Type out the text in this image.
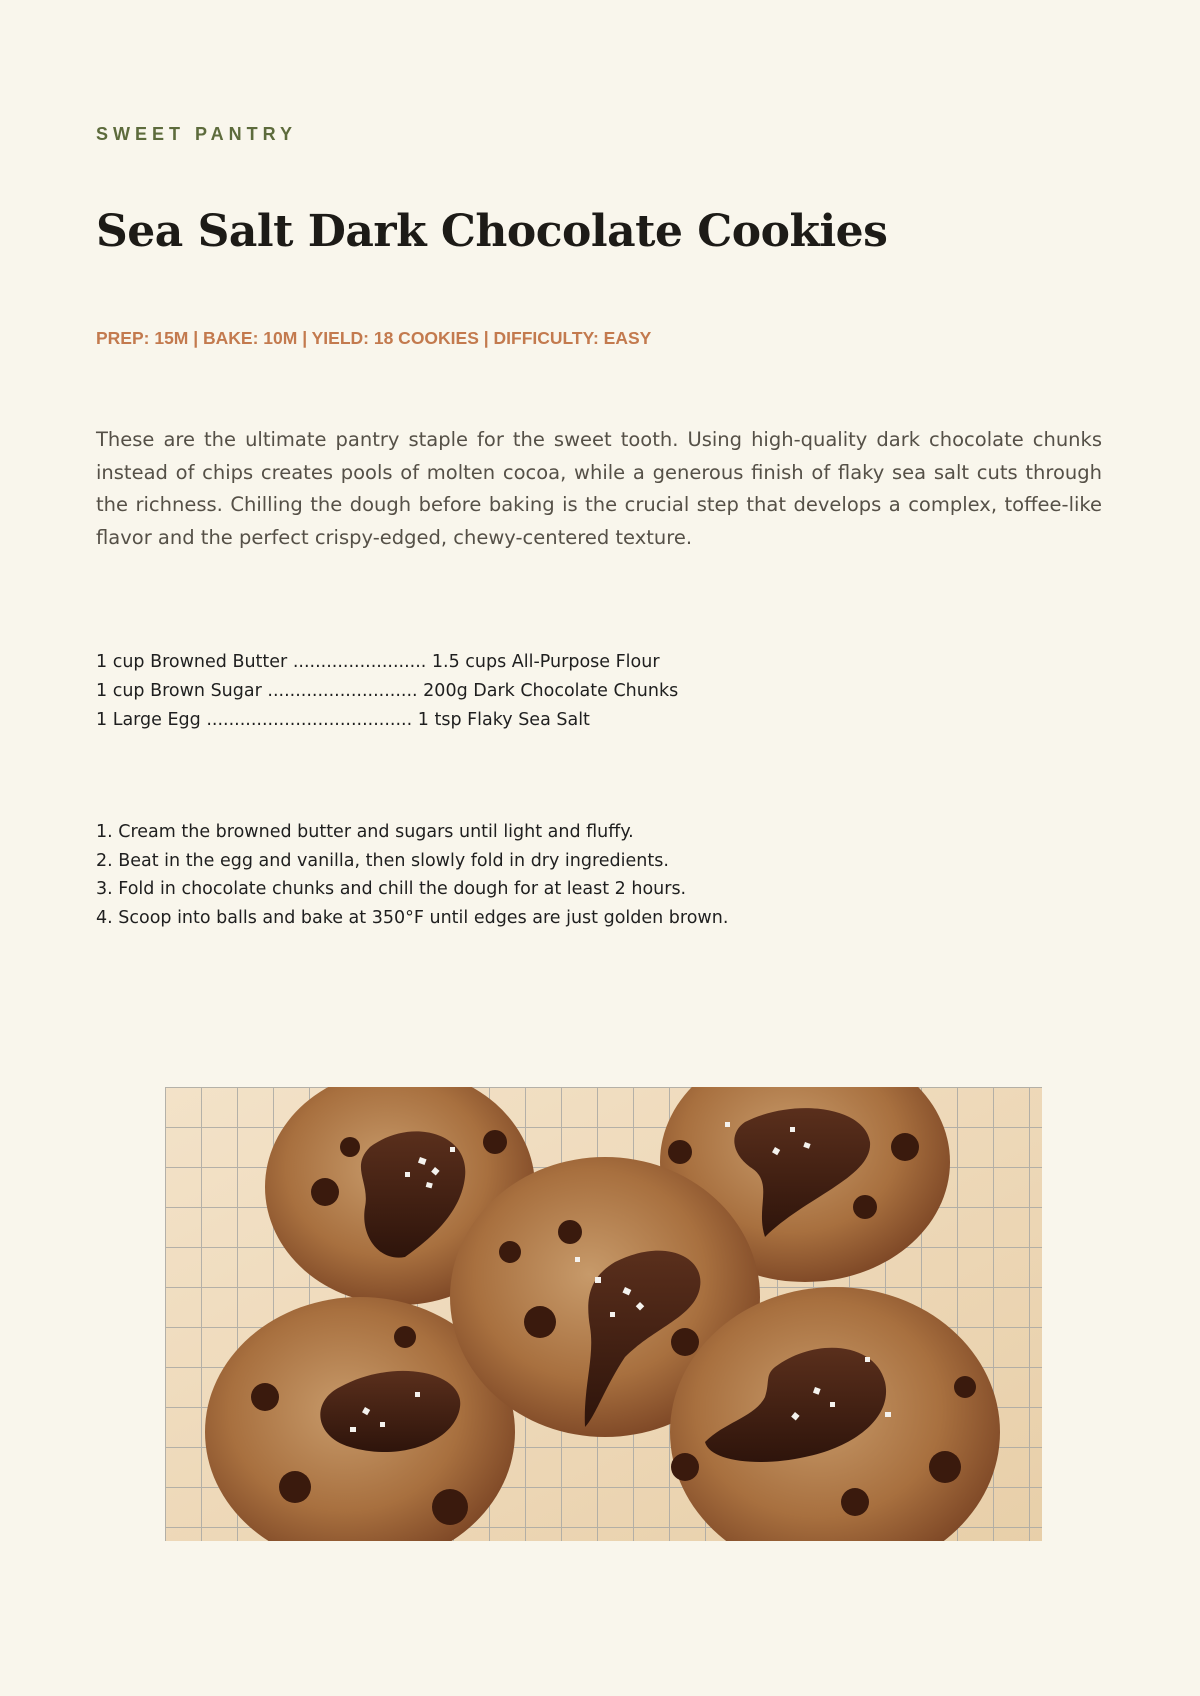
SWEET PANTRY
Sea Salt Dark Chocolate Cookies
PREP: 15M | BAKE: 10M | YIELD: 18 COOKIES | DIFFICULTY: EASY

These are the ultimate pantry staple for the sweet tooth. Using high-quality dark chocolate chunks instead of chips creates pools of molten cocoa, while a generous finish of flaky sea salt cuts through the richness. Chilling the dough before baking is the crucial step that develops a complex, toffee-like flavor and the perfect crispy-edged, chewy-centered texture.

1 cup Browned Butter ........................ 1.5 cups All-Purpose Flour
1 cup Brown Sugar ........................... 200g Dark Chocolate Chunks
1 Large Egg ..................................... 1 tsp Flaky Sea Salt
1. Cream the browned butter and sugars until light and fluffy.
2. Beat in the egg and vanilla, then slowly fold in dry ingredients.
3. Fold in chocolate chunks and chill the dough for at least 2 hours.
4. Scoop into balls and bake at 350°F until edges are just golden brown.
